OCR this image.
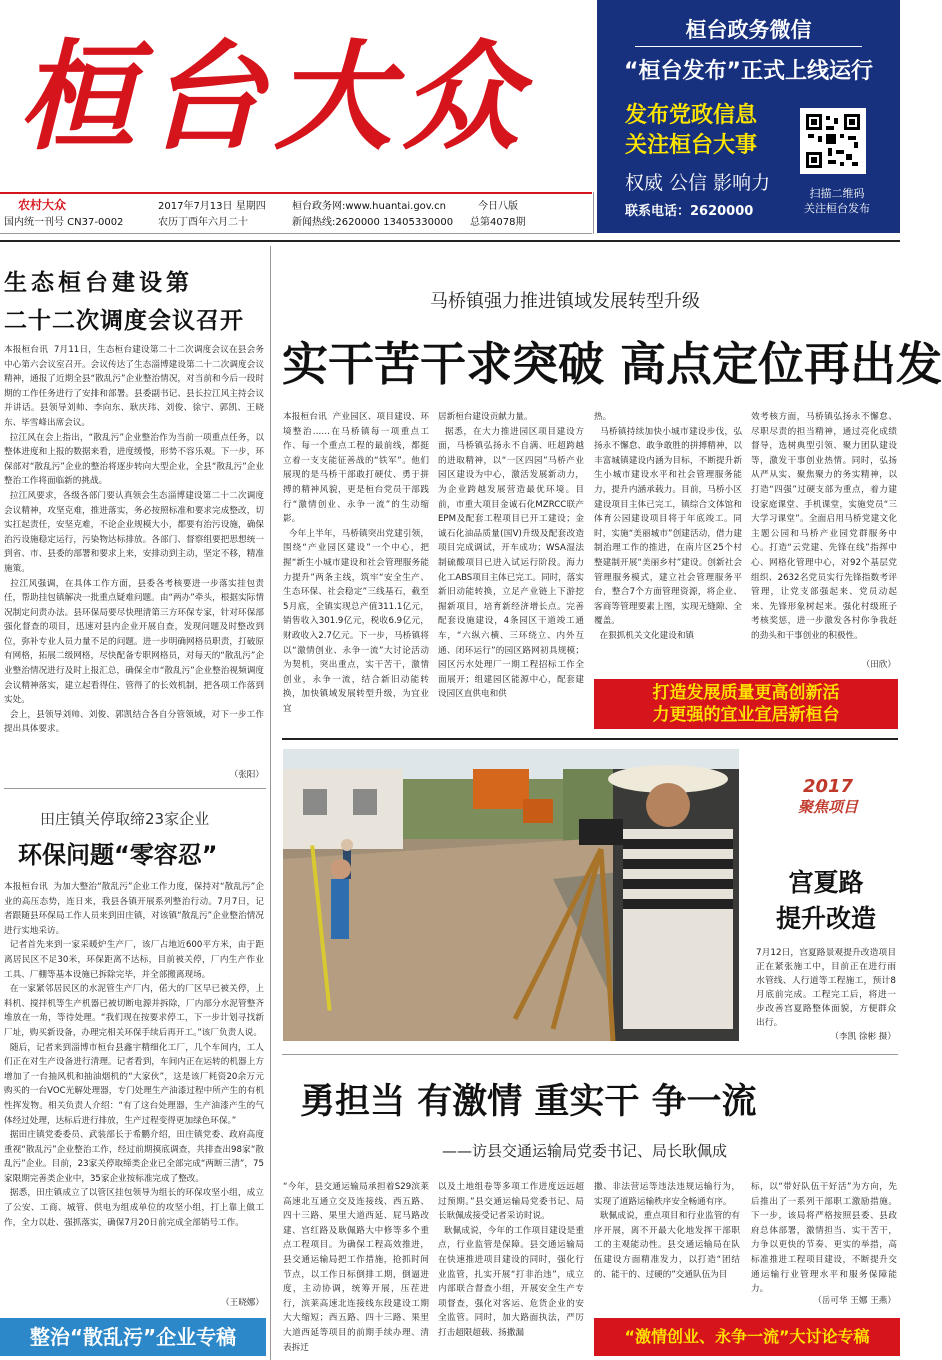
桓台大众	桓台政务微信
“桓台发布”正式上线运行
发布党政信息
关注桓台大事
权威 公信 影响力
联系电话：2620000
扫描二维码
关注桓台发布
农村大众
国内统一刊号 CN37-0002
2017年7月13日 星期四
农历丁酉年六月二十
桓台政务网:www.huantai.gov.cn
新闻热线:2620000 13405330000
今日八版
总第4078期
生态桓台建设第
二十二次调度会议召开
本报桓台讯  7月11日，生态桓台建设第二十二次调度会议在县会务中心第六会议室召开。会议传达了生态淄博建设第二十二次调度会议精神，通报了近期全县“散乱污”企业整治情况，对当前和今后一段时期的工作任务进行了安排和部署。县委副书记、县长拉江风主持会议并讲话。县领导刘帅、李向东、耿庆玮、刘俊、徐宁、郭凯、王晓东、毕雪峰出席会议。
拉江风在会上指出，“散乱污”企业整治作为当前一项重点任务，以整体进度和上报的数据来看，进度缓慢，形势不容乐观。下一步，环保部对“散乱污”企业的整治将逐步转向大型企业，全县“散乱污”企业整治工作将面临新的挑战。
拉江风要求，各级各部门要认真领会生态淄博建设第二十二次调度会议精神，攻坚克难，推进落实，务必按照标准和要求完成整改，切实扛起责任，安坚克难，不论企业规模大小，都要有治污设施，确保治污设施稳定运行，污染物达标排放。各部门、督察组要把思想统一到省、市、县委的部署和要求上来，安排动到主动，坚定不移，精准施策。
拉江风强调，在具体工作方面，县委各考核要进一步落实挂包责任，帮助挂包镇解决一批重点疑难问题。由“两办”牵头，根据实际情况制定问责办法。县环保局要尽快理清第三方环保专家，针对环保部强化督查的项目，迅速对县内企业开展自查，发现问题及时整改到位，弥补专业人员力量不足的问题。进一步明确网格员职责，打破原有网格，拓展二级网格，尽快配备专职网格员，对每天的“散乱污”企业整治情况进行及时上报汇总，确保全市“散乱污”企业整治视频调度会议精神落实，建立起看得住、管得了的长效机制，把各项工作落到实处。
会上，县领导刘帅、刘俊、郭凯结合各自分管领域，对下一步工作提出具体要求。
（张阳）
田庄镇关停取缔23家企业
环保问题“零容忍”
本报桓台讯  为加大整治“散乱污”企业工作力度，保持对“散乱污”企业的高压态势，连日来，我县各镇开展系列整治行动。7月7日，记者跟随县环保局工作人员来到田庄镇，对该镇“散乱污”企业整治情况进行实地采访。
记者首先来到一家采暖炉生产厂，该厂占地近600平方米，由于距离居民区不足30米，环保距离不达标，目前被关停，厂内生产作业工具、厂棚等基本设施已拆除完毕，并全部搬离现场。
在一家紧邻居民区的水泥管生产厂内，偌大的厂区早已被关停，上料机、搅拌机等生产机器已被切断电源并拆除，厂内部分水泥管整齐堆放在一角，等待处理。“我们现在按要求停工，下一步计划寻找新厂址，购买新设备，办理完相关环保手续后再开工。”该厂负责人说。
随后，记者来到淄博市桓台县鑫宇精细化工厂，几个车间内，工人们正在对生产设备进行清理。记者看到，车间内正在运转的机器上方增加了一台抽风机和抽油烟机的“大家伙”，这是该厂耗资20余万元购买的一台VOC光解处理器，专门处理生产油漆过程中所产生的有机性挥发物。相关负责人介绍：“有了这台处理器，生产油漆产生的气体经过处理，达标后进行排放，生产过程变得更加绿色环保。”
据田庄镇党委委员、武装部长于希鹏介绍，田庄镇党委、政府高度重视“散乱污”企业整治工作，经过前期摸底调查，共排查出98家“散乱污”企业。目前，23家关停取缔类企业已全部完成“两断三清”，75家限期完善类企业中，35家企业按标准完成了整改。
据悉，田庄镇成立了以管区挂包领导为组长的环保攻坚小组，成立了公安、工商、城管、供电为组成单位的攻坚小组，打上靠上做工作，全力以赴、强抓落实，确保7月20日前完成全部销号工作。
（王晓娜）
整治“散乱污”企业专稿
马桥镇强力推进镇域发展转型升级
实干苦干求突破 高点定位再出发
本报桓台讯  产业园区、项目建设、环境整治……在马桥镇每一项重点工作、每一个重点工程的最前线，都挺立着一支支能征善战的“铁军”。他们展现的是马桥干部敢打硬仗、勇于拼搏的精神风貌，更是桓台党员干部践行“激情创业、永争一流”的生动缩影。
今年上半年，马桥镇突出党建引领，围绕“产业园区建设”一个中心，把握“新生小城市建设和社会管理服务能力提升”两条主线，筑牢“安全生产、生态环保、社会稳定”三线基石，截至5月底，全镇实现总产值311.1亿元，销售收入301.9亿元，税收6.9亿元，财政收入2.7亿元。下一步，马桥镇将以“激情创业、永争一流”大讨论活动为契机，突出重点，实干苦干，激情创业，永争一流，结合新旧动能转换，加快镇域发展转型升级，为宜业宜
居新桓台建设贡献力量。
据悉，在大力推进园区项目建设方面，马桥镇弘扬永不自满、旺超跨越的进取精神，以“一区四园”马桥产业园区建设为中心，激活发展新动力，为企业跨越发展营造最优环境。目前，市重大项目金诚石化MZRCC联产EPM及配套工程项目已开工建设；金诚石化油品质量(国V)升级及配套改造项目完成调试，开车成功；WSA湿法制硫酸项目已进入试运行阶段。海力化工ABS项目主体已完工。同时，落实新旧动能转换，立足产业链上下游挖掘新项目，培育新经济增长点。完善配套设施建设，4条园区干道竣工通车，“六纵六横、三环绕立、内外互通、闭环运行”的园区路网初具规模；园区污水处理厂一期工程招标工作全面展开；组建园区能源中心，配套建设园区直供电和供
热。
马桥镇持续加快小城市建设步伐，弘扬永不懈怠、敢争敢胜的拼搏精神，以丰富城镇建设内涵为目标，不断提升新生小城市建设水平和社会管理服务能力，提升内涵承载力。目前，马桥小区建设项目主体已完工，镇综合文体馆和体育公园建设项目将于年底竣工。同时，实施“美丽城市”创建活动，借力建制治理工作的推进，在南片区25个村整建制开展“美丽乡村”建设。创新社会管理服务模式，建立社会管理服务平台，整合7个方面管理资源，将企业、客商等管理要素上图，实现无缝隙、全覆盖。
在狠抓机关文化建设和镇
效考核方面，马桥镇弘扬永不懈怠、尽职尽责的担当精神，通过亮化成绩督导，选树典型引领、聚力团队建设等，激发干事创业热情。同时，弘扬从严从实、聚焦聚力的务实精神，以打造“四强”过硬支部为重点，着力建设家庭课堂、手机课堂，实施党员“三大学习课堂”。全面启用马桥党建文化主题公园和马桥产业园党群服务中心。打造“云党建、先锋在线”指挥中心、网格化管理中心，对92个基层党组织、2632名党员实行先锋指数考评管理，让党支部强起来、党员动起来、先锋形象树起来。强化村级班子考核奖惩，进一步激发各村你争我赶的劲头和干事创业的积极性。
（田欣）
打造发展质量更高创新活
力更强的宜业宜居新桓台
2017
聚焦项目
宫夏路
提升改造
7月12日，宫夏路景观提升改造项目正在紧张施工中，目前正在进行雨水管线、人行道等工程施工，预计8月底前完成。工程完工后，将进一步改善宫夏路整体面貌，方便群众出行。
（李凯 徐彬 摄）
勇担当 有激情 重实干 争一流
——访县交通运输局党委书记、局长耿佩成
“今年，县交通运输局承担着S29滨莱高速北互通立交及连接线、西五路、四十三路、果里大道西延、屁马路改建、宫红路及耿佩路大中修等多个重点工程项目。为确保工程高效推进，县交通运输局把工作措施，抢抓时间节点，以工作日标倒排工期，倒逼进度，主动协调，统筹开展，压茬进行，滨莱高速北连接线东段建设工期大大缩短；西五路、四十三路、果里大道西延等项目的前期手续办理、清表拆迁
以及土地组卷等多项工作进度远远超过预期。”县交通运输局党委书记、局长耿佩成接受记者采访时说。
耿佩成说，今年的工作项目建设是重点，行业监管是保障。县交通运输局在快速推进项目建设的同时，强化行业监管，扎实开展“打非治违”，成立内部联合督查小组，开展安全生产专项督查，强化对客运、危货企业的安全监管。同时，加大路面执法，严厉打击超限超载、扬撒漏
撒、非法营运等违法违规运输行为，实现了道路运输秩序安全畅通有序。
耿佩成说，重点项目和行业监管的有序开展，离不开最大化地发挥干部职工的主观能动性。县交通运输局在队伍建设方面精准发力，以打造“团结的、能干的、过硬的”交通队伍为目
标，以“带好队伍干好活”为方向，先后推出了一系列干部职工激励措施。下一步，该局将严格按照县委、县政府总体部署，激情担当、实干苦干，力争以更快的节奏、更实的举措，高标准推进工程项目建设，不断提升交通运输行业管理水平和服务保障能力。
（岳可华 王娜 王燕）
“激情创业、永争一流”大讨论专稿
